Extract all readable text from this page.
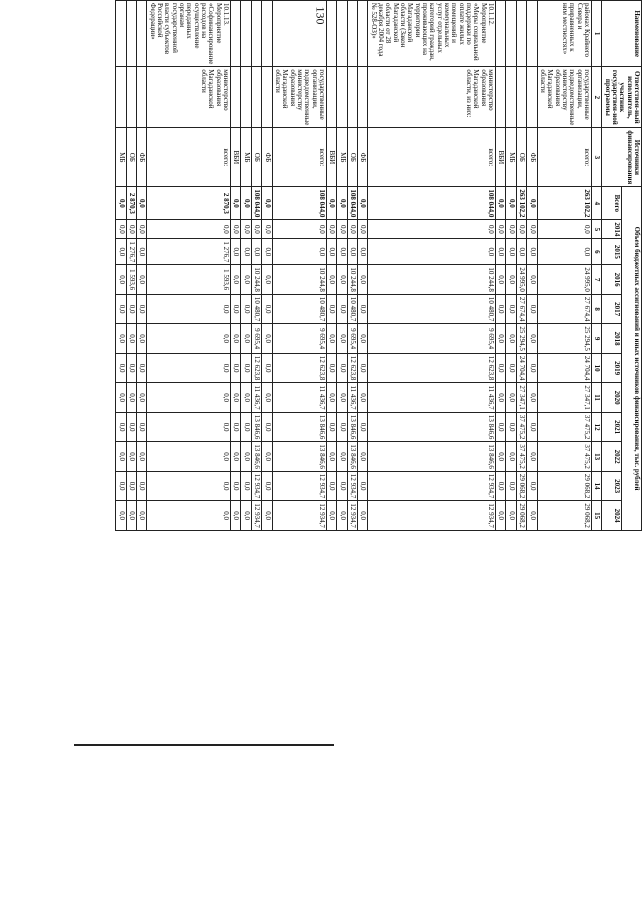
130	Наименование	Ответствен-ный исполнитель, участник государствен-ной программы	Источники финансирования	Объем бюджетных ассигнований и иных источников финансирования, тыс. рублей											
			Всего	2014	2015	2016	2017	2018	2019	2020	2021	2022	2023	2024
1	2	3	4	5	6	7	8	9	10	11	12	13	14	15
районах Крайнего Севера и приравненных к ним местностях»	государственные организации, подведомственные министерству образования Магаданской области	всего:	263 102,2	0,0	0,0	24 995,0	27 674,4	25 294,5	24 704,4	27 347,1	37 475,2	37 475,2	29 068,2	29 068,2
		ФБ	0,0	0,0	0,0	0,0	0,0	0,0	0,0	0,0	0,0	0,0	0,0	0,0
		ОБ	263 102,2	0,0	0,0	24 995,0	27 674,4	25 294,5	24 704,4	27 347,1	37 475,2	37 475,2	29 068,2	29 068,2
		МБ	0,0	0,0	0,0	0,0	0,0	0,0	0,0	0,0	0,0	0,0	0,0	0,0
		ВБИ	0,0	0,0	0,0	0,0	0,0	0,0	0,0	0,0	0,0	0,0	0,0	0,0
10.1.12. Мероприятие «Меры социальной поддержки по оплате жилых помещений и коммунальных услуг отдельных категорий граждан, проживающих на территории Магаданской области (Закон Магаданской области от 28 декабря 2004 года № 528-ОЗ)»	министерство образования Магаданской области, из них:	всего:	108 044,0	0,0	0,0	10 244,8	10 480,7	9 695,4	12 623,8	11 436,7	13 846,6	13 846,6	12 934,7	12 934,7
		ФБ	0,0	0,0	0,0	0,0	0,0	0,0	0,0	0,0	0,0	0,0	0,0	0,0
		ОБ	108 044,0	0,0	0,0	10 244,8	10 480,7	9 695,4	12 623,8	11 436,7	13 846,6	13 846,6	12 934,7	12 934,7
		МБ	0,0	0,0	0,0	0,0	0,0	0,0	0,0	0,0	0,0	0,0	0,0	0,0
		ВБИ	0,0	0,0	0,0	0,0	0,0	0,0	0,0	0,0	0,0	0,0	0,0	0,0
	государственные организации, подведомственные министерству образования Магаданской области	всего:	108 044,0	0,0	0,0	10 244,8	10 480,7	9 695,4	12 623,8	11 436,7	13 846,6	13 846,6	12 934,7	12 934,7
		ФБ	0,0	0,0	0,0	0,0	0,0	0,0	0,0	0,0	0,0	0,0	0,0	0,0
		ОБ	108 044,0	0,0	0,0	10 244,8	10 480,7	9 695,4	12 623,8	11 436,7	13 846,6	13 846,6	12 934,7	12 934,7
		МБ	0,0	0,0	0,0	0,0	0,0	0,0	0,0	0,0	0,0	0,0	0,0	0,0
		ВБИ	0,0	0,0	0,0	0,0	0,0	0,0	0,0	0,0	0,0	0,0	0,0	0,0
10.1.13. Мероприятие «Софинансирование расходов на осуществление переданных органам государственной власти субъектов Российской Федерации»	министерство образования Магаданской области	всего:	2 870,3	0,0	1 276,7	1 593,6	0,0	0,0	0,0	0,0	0,0	0,0	0,0	0,0
		ФБ	0,0	0,0	0,0	0,0	0,0	0,0	0,0	0,0	0,0	0,0	0,0	0,0
		ОБ	2 870,3	0,0	1 276,7	1 593,6	0,0	0,0	0,0	0,0	0,0	0,0	0,0	0,0
		МБ	0,0	0,0	0,0	0,0	0,0	0,0	0,0	0,0	0,0	0,0	0,0	0,0
